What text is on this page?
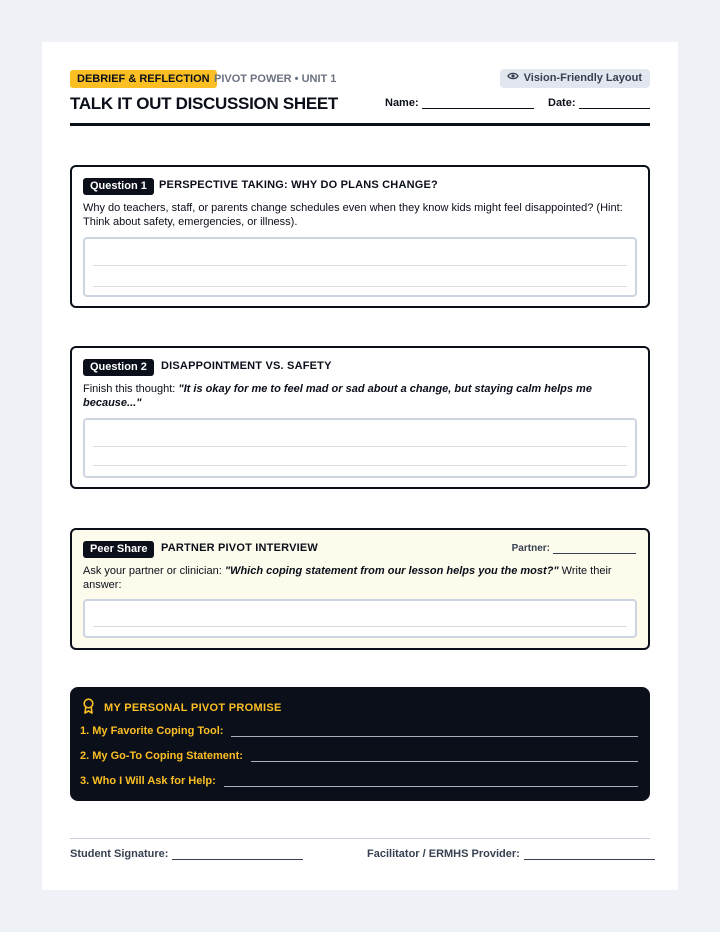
DEBRIEF & REFLECTION PIVOT POWER • UNIT 1	Vision-Friendly Layout
TALK IT OUT DISCUSSION SHEET	Name:	Date:
Question 1	PERSPECTIVE TAKING: WHY DO PLANS CHANGE?
Why do teachers, staff, or parents change schedules even when they know kids might feel disappointed? (Hint: Think about safety, emergencies, or illness).
Question 2	DISAPPOINTMENT VS. SAFETY
Finish this thought: "It is okay for me to feel mad or sad about a change, but staying calm helps me because..."
Peer Share	PARTNER PIVOT INTERVIEW	Partner:
Ask your partner or clinician: "Which coping statement from our lesson helps you the most?" Write their answer:
MY PERSONAL PIVOT PROMISE
1. My Favorite Coping Tool:
2. My Go-To Coping Statement:
3. Who I Will Ask for Help:
Student Signature:	Facilitator / ERMHS Provider:
